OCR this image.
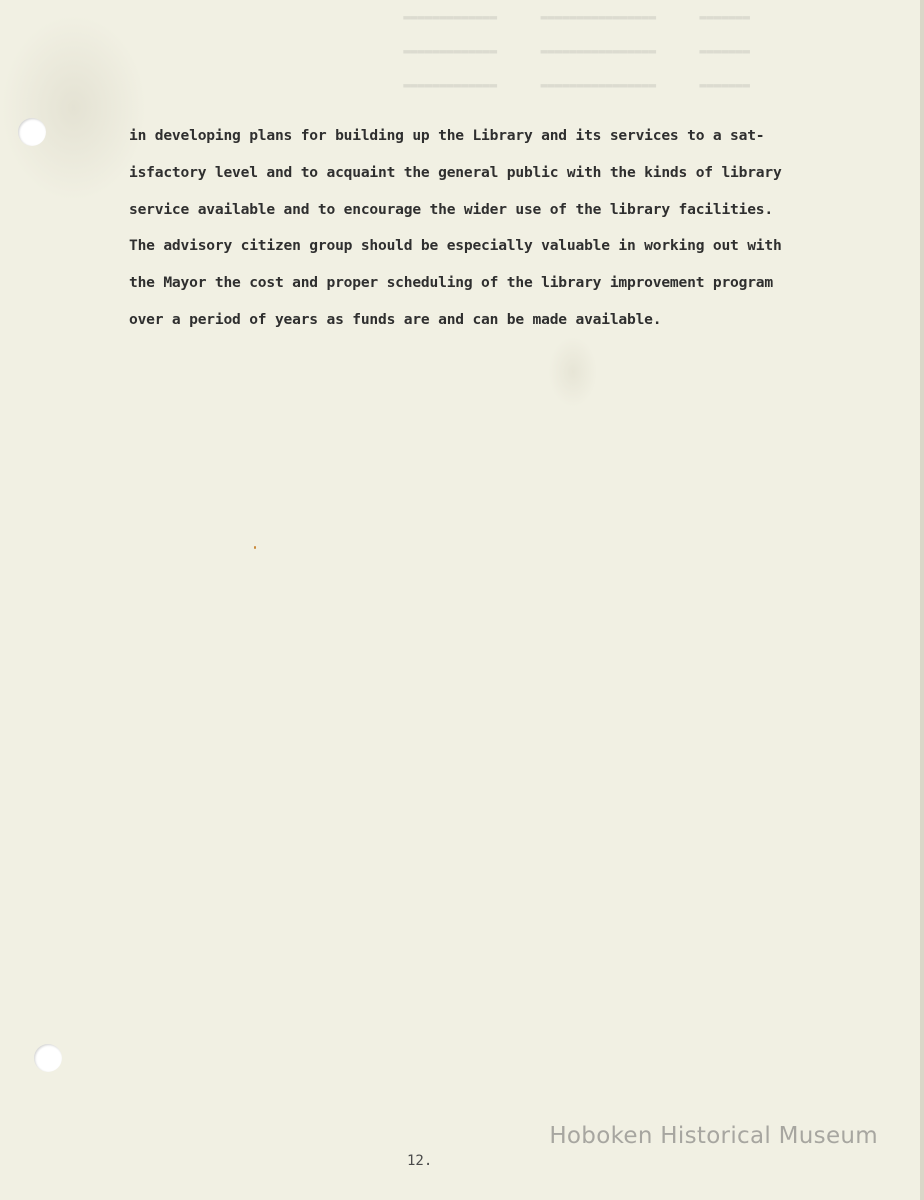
▬▬▬▬▬▬▬      ▬▬▬▬▬▬▬▬▬▬▬▬▬▬▬▬      ▬▬▬▬▬▬▬▬▬▬▬▬▬
▬▬▬▬▬▬▬      ▬▬▬▬▬▬▬▬▬▬▬▬▬▬▬▬      ▬▬▬▬▬▬▬▬▬▬▬▬▬
▬▬▬▬▬▬▬      ▬▬▬▬▬▬▬▬▬▬▬▬▬▬▬▬      ▬▬▬▬▬▬▬▬▬▬▬▬▬
in developing plans for building up the Library and its services to a sat-
isfactory level and to acquaint the general public with the kinds of library
service available and to encourage the wider use of the library facilities.
The advisory citizen group should be especially valuable in working out with
the Mayor the cost and proper scheduling of the library improvement program
over a period of years as funds are and can be made available.
12.
Hoboken Historical Museum
